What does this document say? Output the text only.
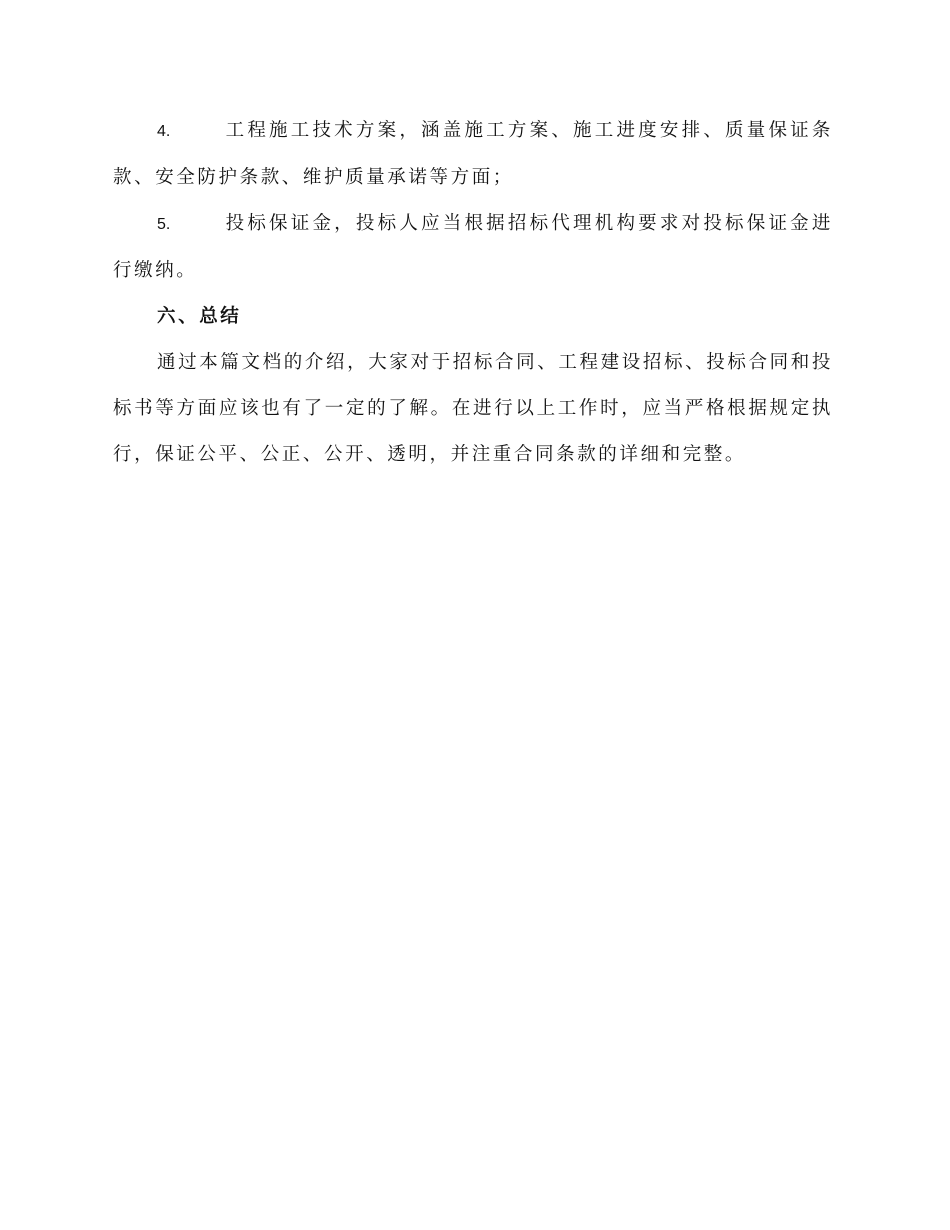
4.	工程施工技术方案，涵盖施工方案、施工进度安排、质量保证条款、安全防护条款、维护质量承诺等方面；

5.	投标保证金，投标人应当根据招标代理机构要求对投标保证金进行缴纳。

六、总结

通过本篇文档的介绍，大家对于招标合同、工程建设招标、投标合同和投标书等方面应该也有了一定的了解。在进行以上工作时，应当严格根据规定执行，保证公平、公正、公开、透明，并注重合同条款的详细和完整。
